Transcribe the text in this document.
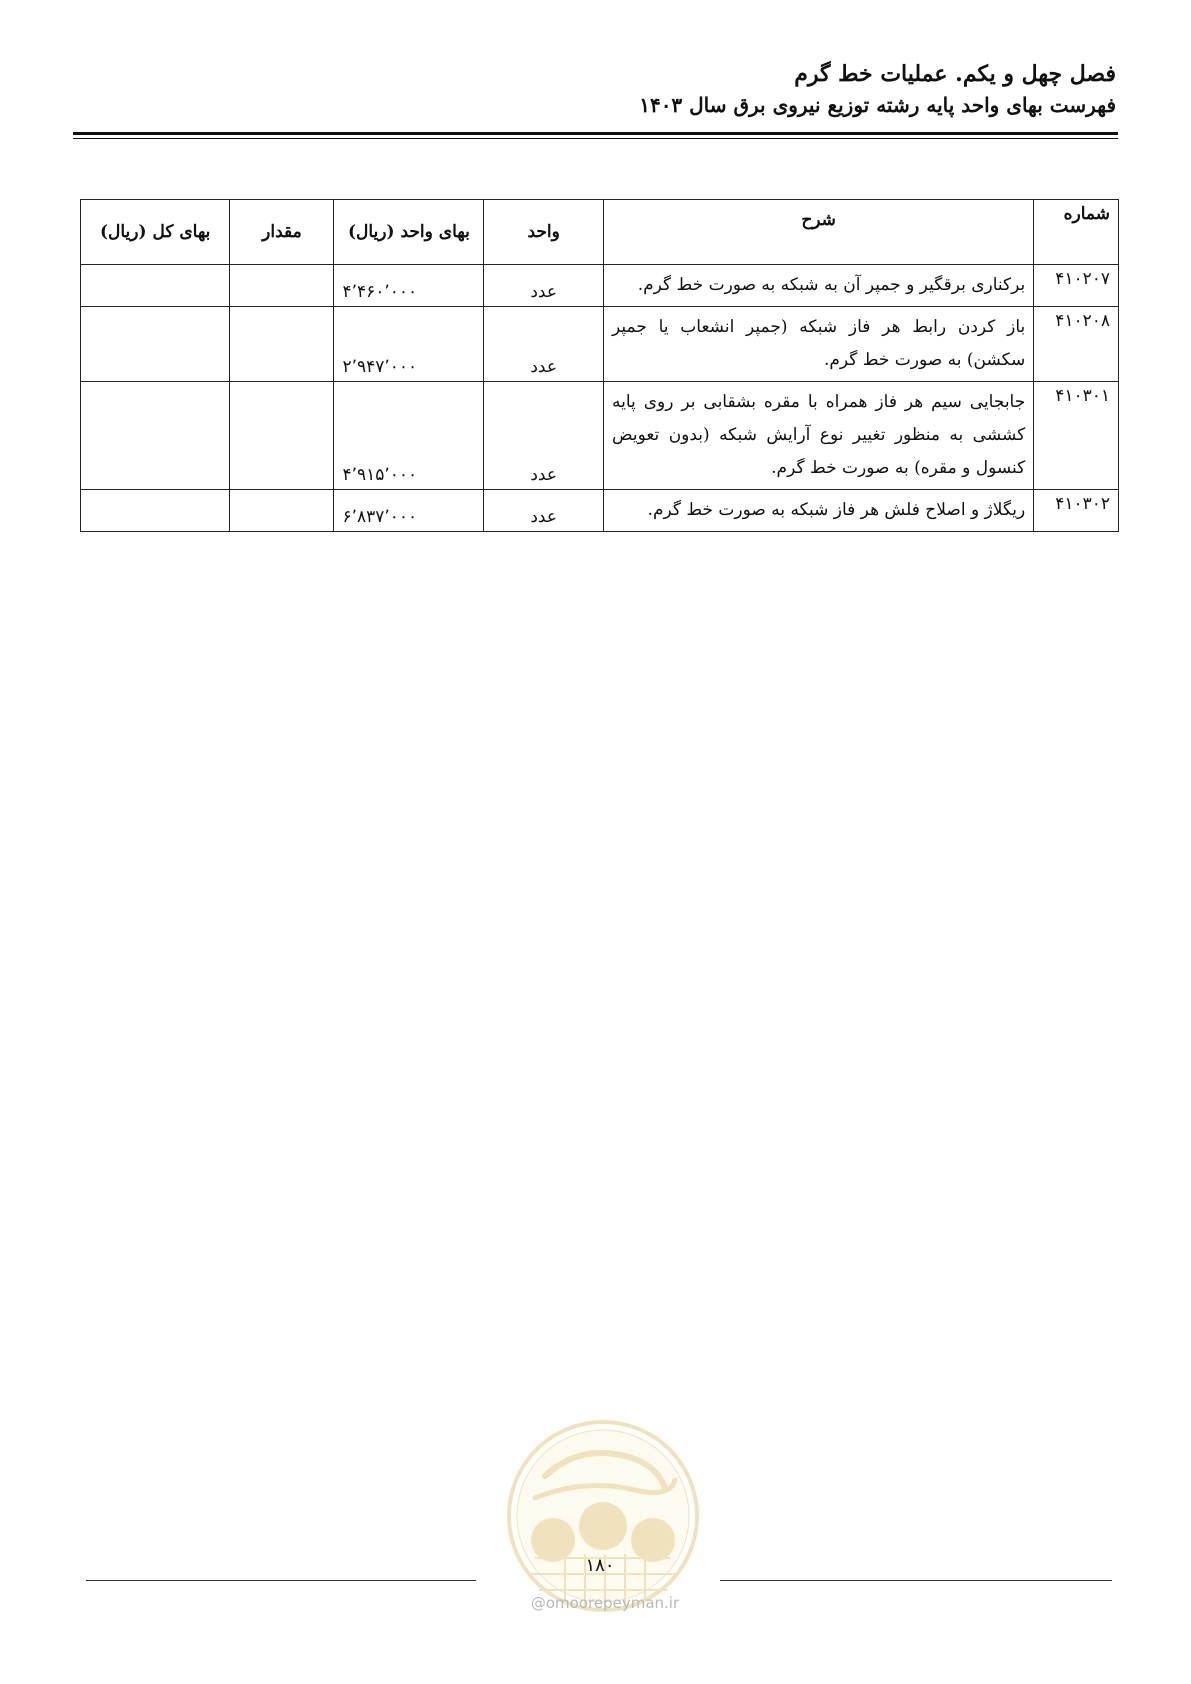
فصل چهل و یکم. عملیات خط گرم
فهرست بهای واحد پایه رشته توزیع نیروی برق سال ۱۴۰۳
شماره	شرح	واحد	بهای واحد (ریال)	مقدار	بهای کل (ریال)
۴۱۰۲۰۷	برکناری برقگیر و جمپر آن به شبکه به صورت خط گرم.	عدد	۴٬۴۶۰٬۰۰۰		
۴۱۰۲۰۸	باز کردن رابط هر فاز شبکه (جمپر انشعاب یا جمپر سکشن) به صورت خط گرم.	عدد	۲٬۹۴۷٬۰۰۰		
۴۱۰۳۰۱	جابجایی سیم هر فاز همراه با مقره بشقابی بر روی پایه کششی به منظور تغییر نوع آرایش شبکه (بدون تعویض کنسول و مقره) به صورت خط گرم.	عدد	۴٬۹۱۵٬۰۰۰		
۴۱۰۳۰۲	ریگلاژ و اصلاح فلش هر فاز شبکه به صورت خط گرم.	عدد	۶٬۸۳۷٬۰۰۰		
۱۸۰
@omoorepeyman.ir
